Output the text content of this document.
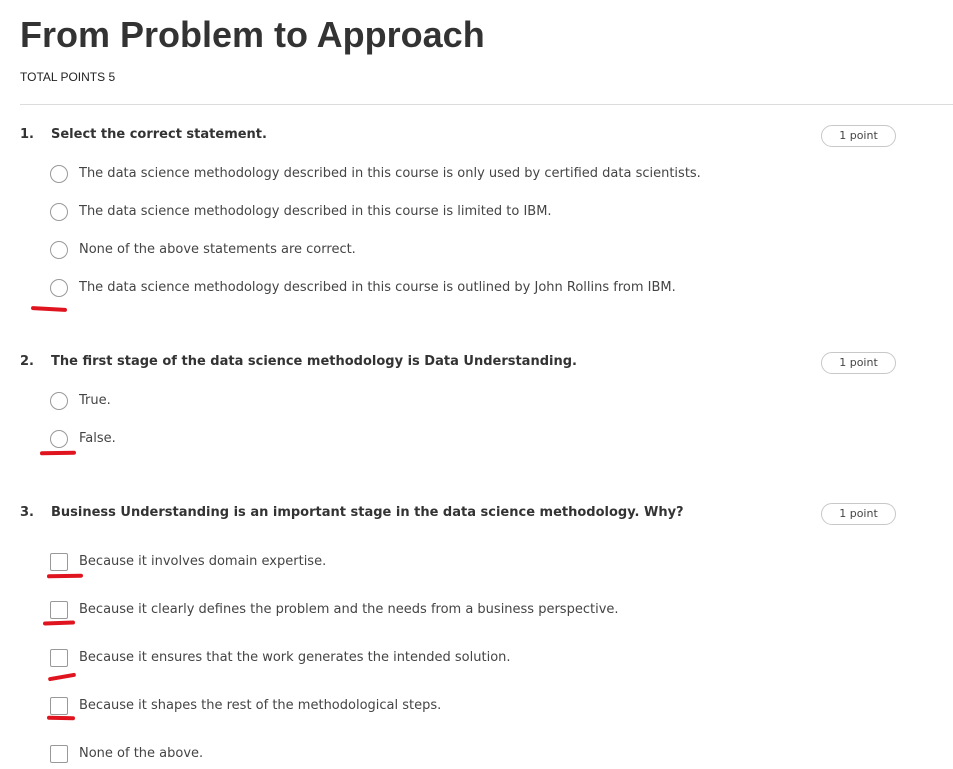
From Problem to Approach
TOTAL POINTS 5
1. Select the correct statement.	1 point
The data science methodology described in this course is only used by certified data scientists.
The data science methodology described in this course is limited to IBM.
None of the above statements are correct.
The data science methodology described in this course is outlined by John Rollins from IBM.
2. The first stage of the data science methodology is Data Understanding.	1 point
True.
False.
3. Business Understanding is an important stage in the data science methodology. Why?	1 point
Because it involves domain expertise.
Because it clearly defines the problem and the needs from a business perspective.
Because it ensures that the work generates the intended solution.
Because it shapes the rest of the methodological steps.
None of the above.
